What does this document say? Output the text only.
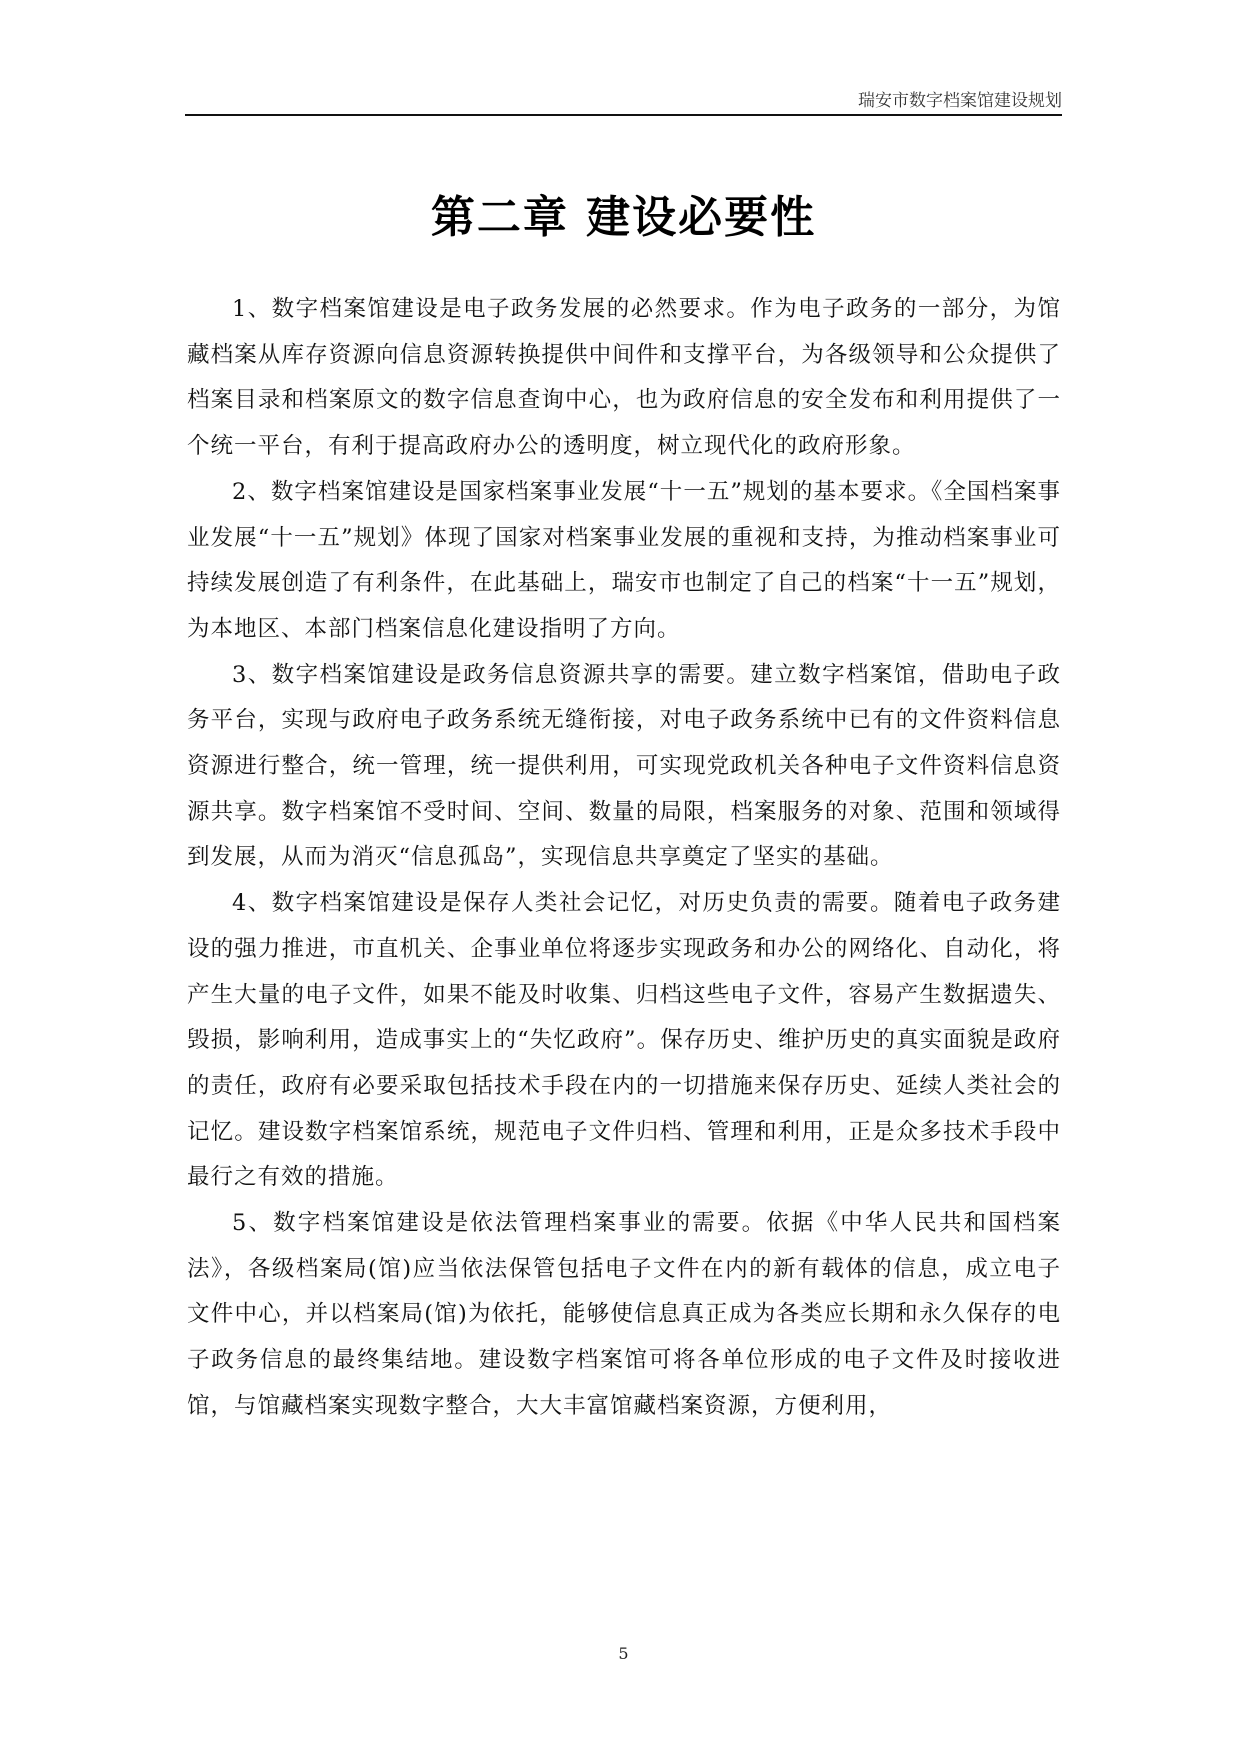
瑞安市数字档案馆建设规划
第二章 建设必要性

1、数字档案馆建设是电子政务发展的必然要求。作为电子政务的一部分，为馆藏档案从库存资源向信息资源转换提供中间件和支撑平台，为各级领导和公众提供了档案目录和档案原文的数字信息查询中心，也为政府信息的安全发布和利用提供了一个统一平台，有利于提高政府办公的透明度，树立现代化的政府形象。

2、数字档案馆建设是国家档案事业发展“十一五”规划的基本要求。《全国档案事业发展“十一五”规划》体现了国家对档案事业发展的重视和支持，为推动档案事业可持续发展创造了有利条件，在此基础上，瑞安市也制定了自己的档案“十一五”规划，为本地区、本部门档案信息化建设指明了方向。

3、数字档案馆建设是政务信息资源共享的需要。建立数字档案馆，借助电子政务平台，实现与政府电子政务系统无缝衔接，对电子政务系统中已有的文件资料信息资源进行整合，统一管理，统一提供利用，可实现党政机关各种电子文件资料信息资源共享。数字档案馆不受时间、空间、数量的局限，档案服务的对象、范围和领域得到发展，从而为消灭“信息孤岛”，实现信息共享奠定了坚实的基础。

4、数字档案馆建设是保存人类社会记忆，对历史负责的需要。随着电子政务建设的强力推进，市直机关、企事业单位将逐步实现政务和办公的网络化、自动化，将产生大量的电子文件，如果不能及时收集、归档这些电子文件，容易产生数据遗失、毁损，影响利用，造成事实上的“失忆政府”。保存历史、维护历史的真实面貌是政府的责任，政府有必要采取包括技术手段在内的一切措施来保存历史、延续人类社会的记忆。建设数字档案馆系统，规范电子文件归档、管理和利用，正是众多技术手段中最行之有效的措施。

5、数字档案馆建设是依法管理档案事业的需要。依据《中华人民共和国档案法》，各级档案局(馆)应当依法保管包括电子文件在内的新有载体的信息，成立电子文件中心，并以档案局(馆)为依托，能够使信息真正成为各类应长期和永久保存的电子政务信息的最终集结地。建设数字档案馆可将各单位形成的电子文件及时接收进馆，与馆藏档案实现数字整合，大大丰富馆藏档案资源，方便利用，

5
